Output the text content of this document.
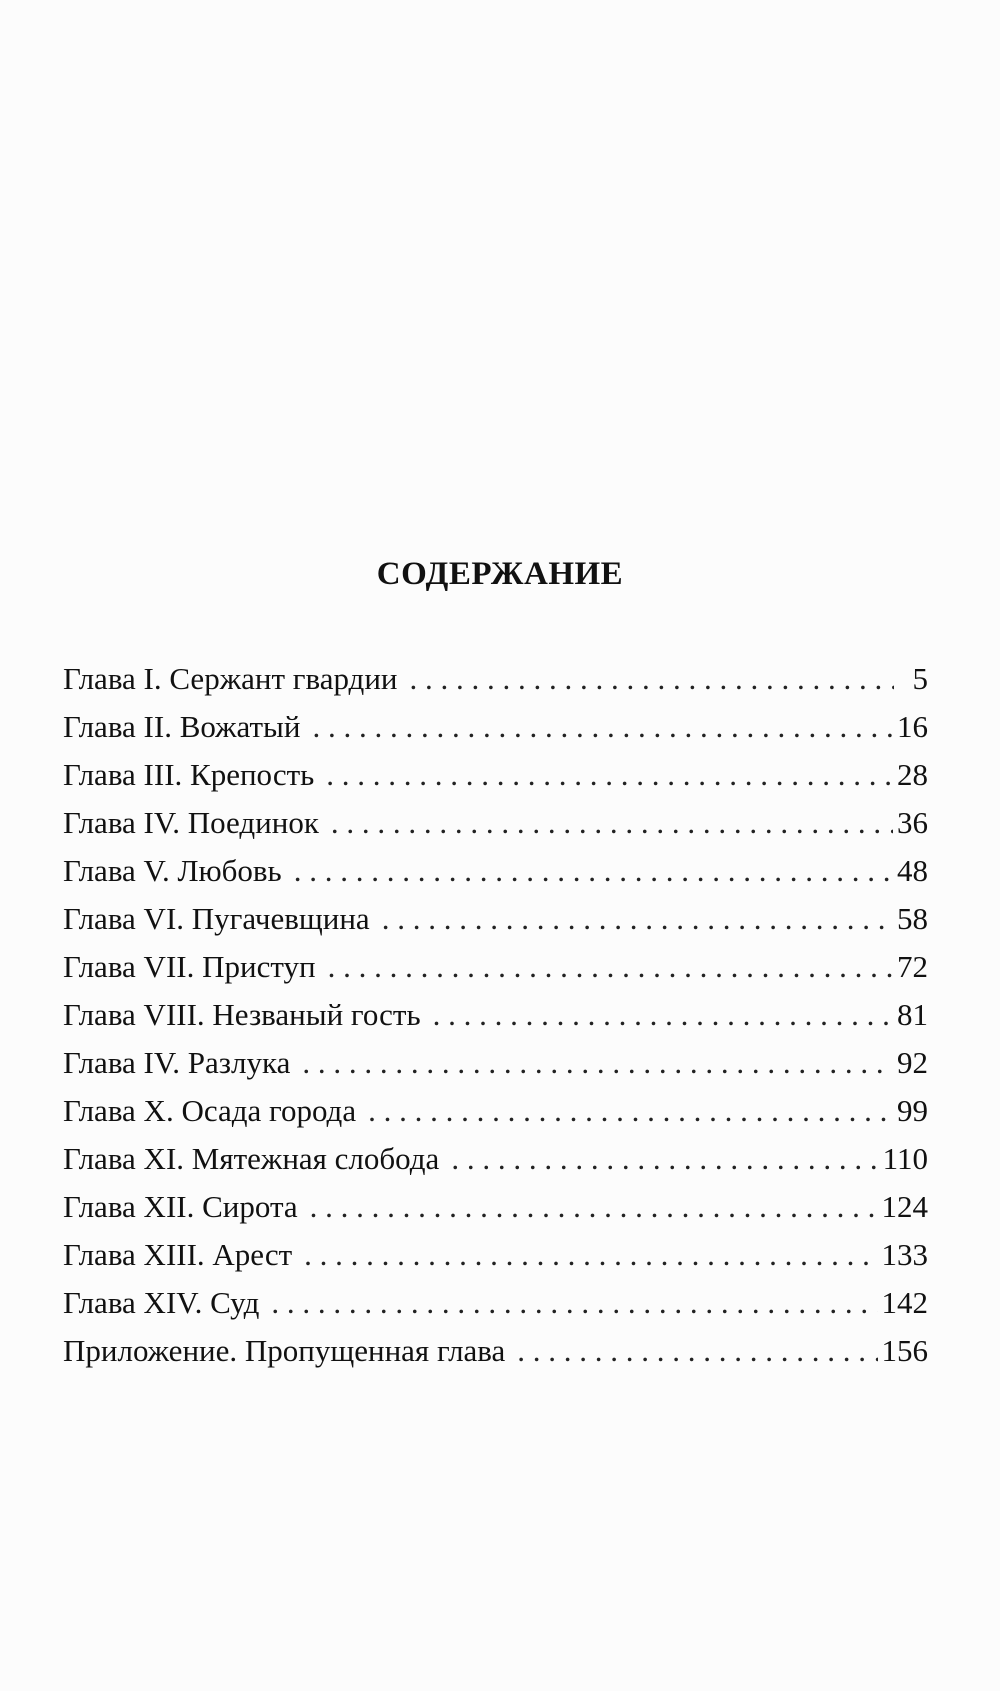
СОДЕРЖАНИЕ
Глава I. Сержант гвардии . . .	5
Глава II. Вожатый . . .	16
Глава III. Крепость . . .	28
Глава IV. Поединок . . .	36
Глава V. Любовь . . .	48
Глава VI. Пугачевщина . . .	58
Глава VII. Приступ . . .	72
Глава VIII. Незваный гость . . .	81
Глава IV. Разлука . . .	92
Глава X. Осада города . . .	99
Глава XI. Мятежная слобода . . .	110
Глава XII. Сирота . . .	124
Глава XIII. Арест . . .	133
Глава XIV. Суд . . .	142
Приложение. Пропущенная глава . . .	156
